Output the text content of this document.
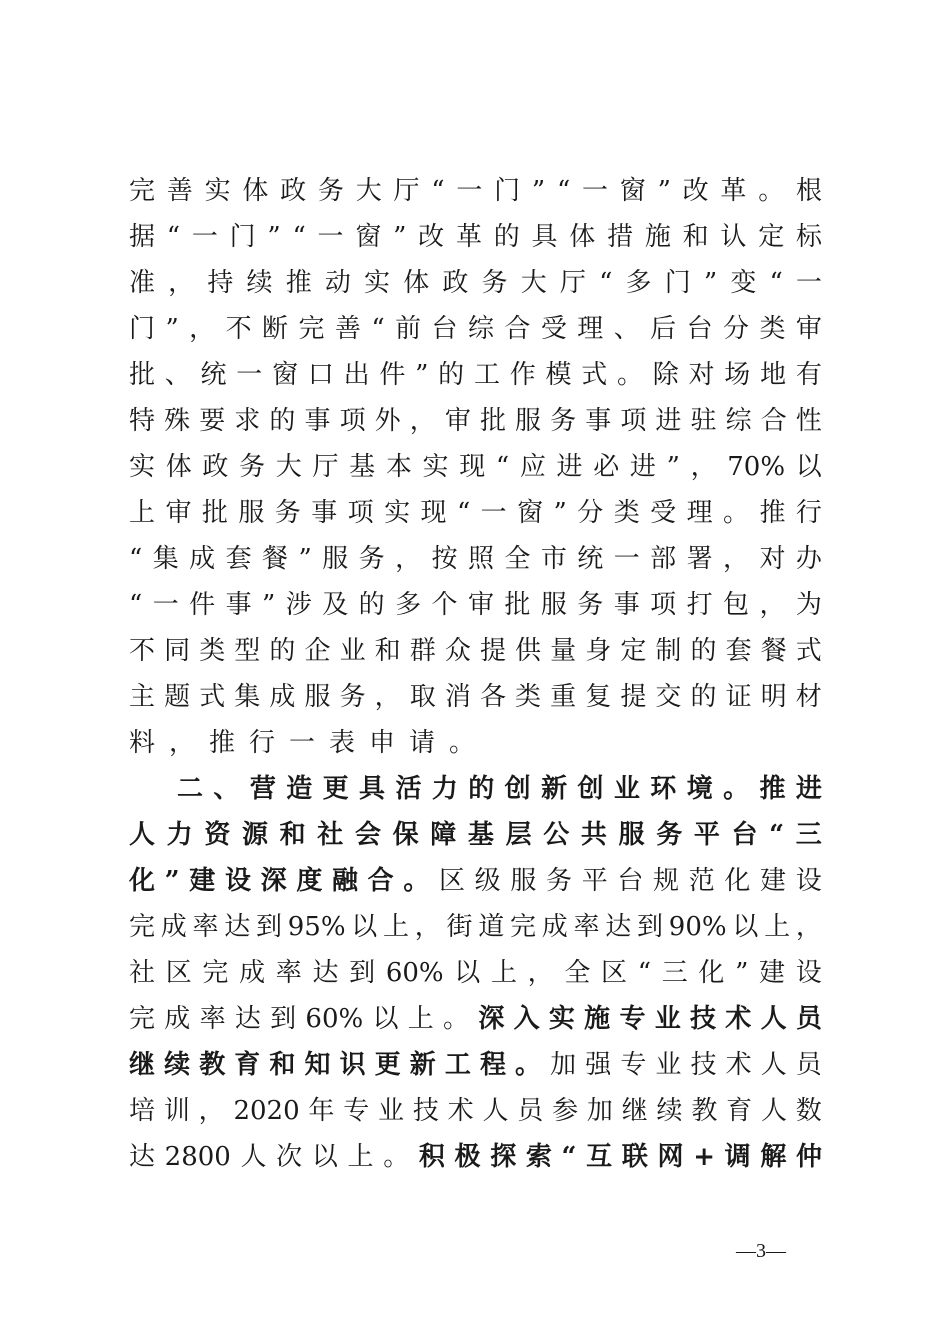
完 善 实 体 政 务 大 厅 “ 一 门 ” “ 一 窗 ” 改 革 。 根
据 “ 一 门 ” “ 一 窗 ” 改 革 的 具 体 措 施 和 认 定 标
准 ， 持 续 推 动 实 体 政 务 大 厅 “ 多 门 ” 变 “ 一
门 ” ， 不 断 完 善 “ 前 台 综 合 受 理 、 后 台 分 类 审
批 、 统 一 窗 口 出 件 ” 的 工 作 模 式 。 除 对 场 地 有
特 殊 要 求 的 事 项 外 ， 审 批 服 务 事 项 进 驻 综 合 性
实 体 政 务 大 厅 基 本 实 现 “ 应 进 必 进 ” ， 70% 以
上 审 批 服 务 事 项 实 现 “ 一 窗 ” 分 类 受 理 。 推 行
“ 集 成 套 餐 ” 服 务 ， 按 照 全 市 统 一 部 署 ， 对 办
“ 一 件 事 ” 涉 及 的 多 个 审 批 服 务 事 项 打 包 ， 为
不 同 类 型 的 企 业 和 群 众 提 供 量 身 定 制 的 套 餐 式
主 题 式 集 成 服 务 ， 取 消 各 类 重 复 提 交 的 证 明 材
料，推行一表申请。
二 、 营 造 更 具 活 力 的 创 新 创 业 环 境 。 推 进
人 力 资 源 和 社 会 保 障 基 层 公 共 服 务 平 台 “ 三
化 ” 建 设 深 度 融 合 。 区 级 服 务 平 台 规 范 化 建 设
完 成 率 达 到 95% 以 上 ， 街 道 完 成 率 达 到 90% 以 上 ，
社 区 完 成 率 达 到 60% 以 上 ， 全 区 “ 三 化 ” 建 设
完 成 率 达 到 60% 以 上 。 深 入 实 施 专 业 技 术 人 员
继 续 教 育 和 知 识 更 新 工 程 。 加 强 专 业 技 术 人 员
培 训 ， 2020 年 专 业 技 术 人 员 参 加 继 续 教 育 人 数
达 2800 人 次 以 上 。 积 极 探 索 “ 互 联 网 + 调 解 仲
—3—
